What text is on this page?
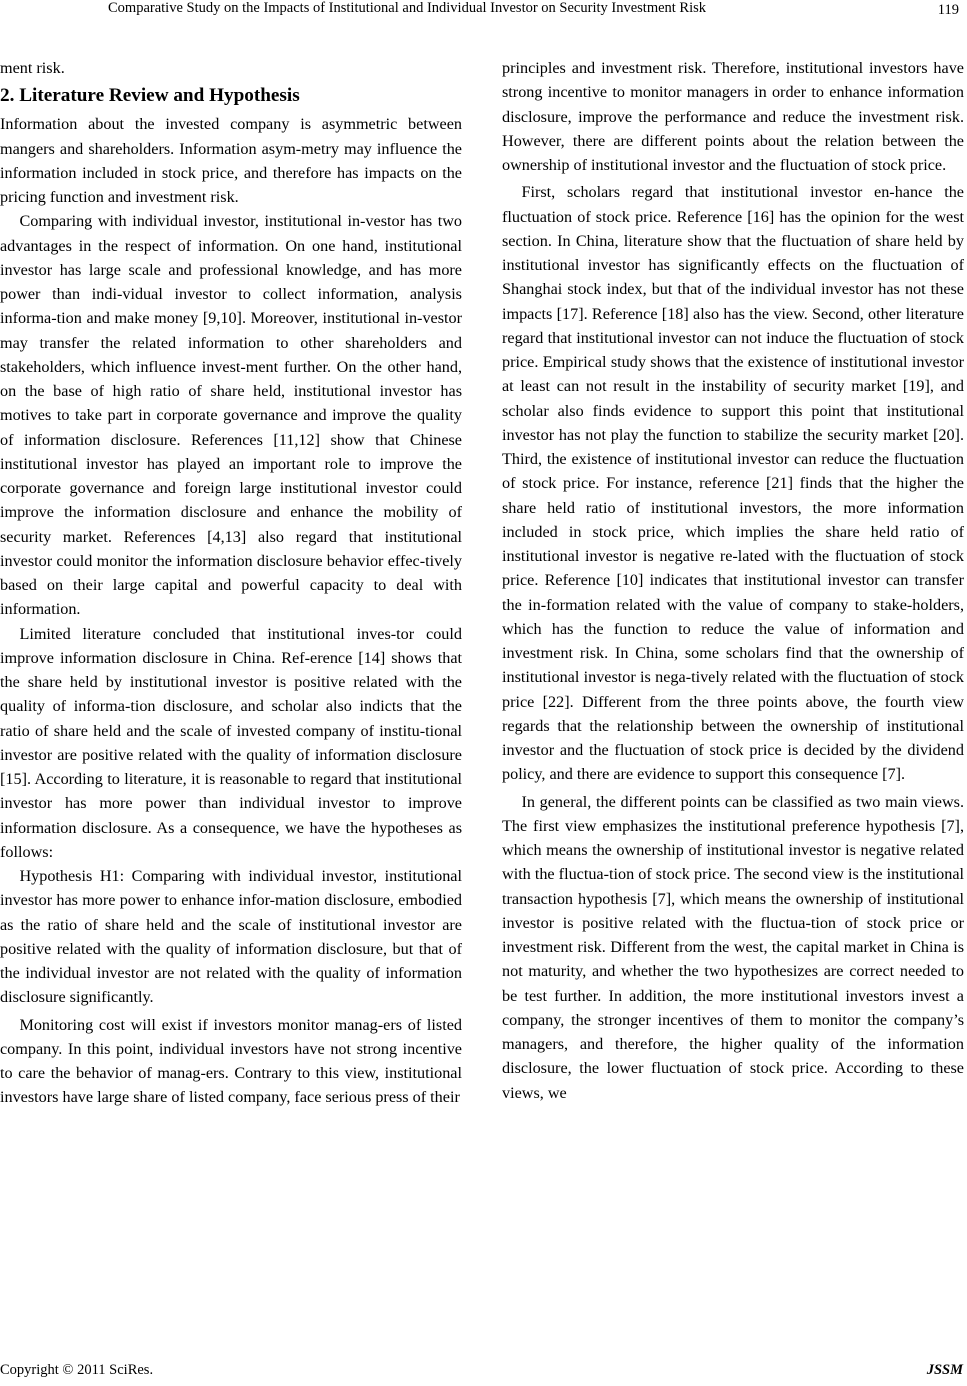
Comparative Study on the Impacts of Institutional and Individual Investor on Security Investment Risk	119

ment risk.

2. Literature Review and Hypothesis

Information about the invested company is asymmetric between mangers and shareholders. Information asym-metry may influence the information included in stock price, and therefore has impacts on the pricing function and investment risk.

Comparing with individual investor, institutional in-vestor has two advantages in the respect of information. On one hand, institutional investor has large scale and professional knowledge, and has more power than indi-vidual investor to collect information, analysis informa-tion and make money [9,10]. Moreover, institutional in-vestor may transfer the related information to other shareholders and stakeholders, which influence invest-ment further. On the other hand, on the base of high ratio of share held, institutional investor has motives to take part in corporate governance and improve the quality of information disclosure. References [11,12] show that Chinese institutional investor has played an important role to improve the corporate governance and foreign large institutional investor could improve the information disclosure and enhance the mobility of security market. References [4,13] also regard that institutional investor could monitor the information disclosure behavior effec-tively based on their large capital and powerful capacity to deal with information.

Limited literature concluded that institutional inves-tor could improve information disclosure in China. Ref-erence [14] shows that the share held by institutional investor is positive related with the quality of informa-tion disclosure, and scholar also indicts that the ratio of share held and the scale of invested company of institu-tional investor are positive related with the quality of information disclosure [15]. According to literature, it is reasonable to regard that institutional investor has more power than individual investor to improve information disclosure. As a consequence, we have the hypotheses as follows:

Hypothesis H1: Comparing with individual investor, institutional investor has more power to enhance infor-mation disclosure, embodied as the ratio of share held and the scale of institutional investor are positive related with the quality of information disclosure, but that of the individual investor are not related with the quality of information disclosure significantly.

Monitoring cost will exist if investors monitor manag-ers of listed company. In this point, individual investors have not strong incentive to care the behavior of manag-ers. Contrary to this view, institutional investors have large share of listed company, face serious press of their

principles and investment risk. Therefore, institutional investors have strong incentive to monitor managers in order to enhance information disclosure, improve the performance and reduce the investment risk. However, there are different points about the relation between the ownership of institutional investor and the fluctuation of stock price.

First, scholars regard that institutional investor en-hance the fluctuation of stock price. Reference [16] has the opinion for the west section. In China, literature show that the fluctuation of share held by institutional investor has significantly effects on the fluctuation of Shanghai stock index, but that of the individual investor has not these impacts [17]. Reference [18] also has the view. Second, other literature regard that institutional investor can not induce the fluctuation of stock price. Empirical study shows that the existence of institutional investor at least can not result in the instability of security market [19], and scholar also finds evidence to support this point that institutional investor has not play the function to stabilize the security market [20]. Third, the existence of institutional investor can reduce the fluctuation of stock price. For instance, reference [21] finds that the higher the share held ratio of institutional investors, the more information included in stock price, which implies the share held ratio of institutional investor is negative re-lated with the fluctuation of stock price. Reference [10] indicates that institutional investor can transfer the in-formation related with the value of company to stake-holders, which has the function to reduce the value of information and investment risk. In China, some scholars find that the ownership of institutional investor is nega-tively related with the fluctuation of stock price [22]. Different from the three points above, the fourth view regards that the relationship between the ownership of institutional investor and the fluctuation of stock price is decided by the dividend policy, and there are evidence to support this consequence [7].

In general, the different points can be classified as two main views. The first view emphasizes the institutional preference hypothesis [7], which means the ownership of institutional investor is negative related with the fluctua-tion of stock price. The second view is the institutional transaction hypothesis [7], which means the ownership of institutional investor is positive related with the fluctua-tion of stock price or investment risk. Different from the west, the capital market in China is not maturity, and whether the two hypothesizes are correct needed to be test further. In addition, the more institutional investors invest a company, the stronger incentives of them to monitor the company’s managers, and therefore, the higher quality of the information disclosure, the lower fluctuation of stock price. According to these views, we

Copyright © 2011 SciRes.	JSSM
